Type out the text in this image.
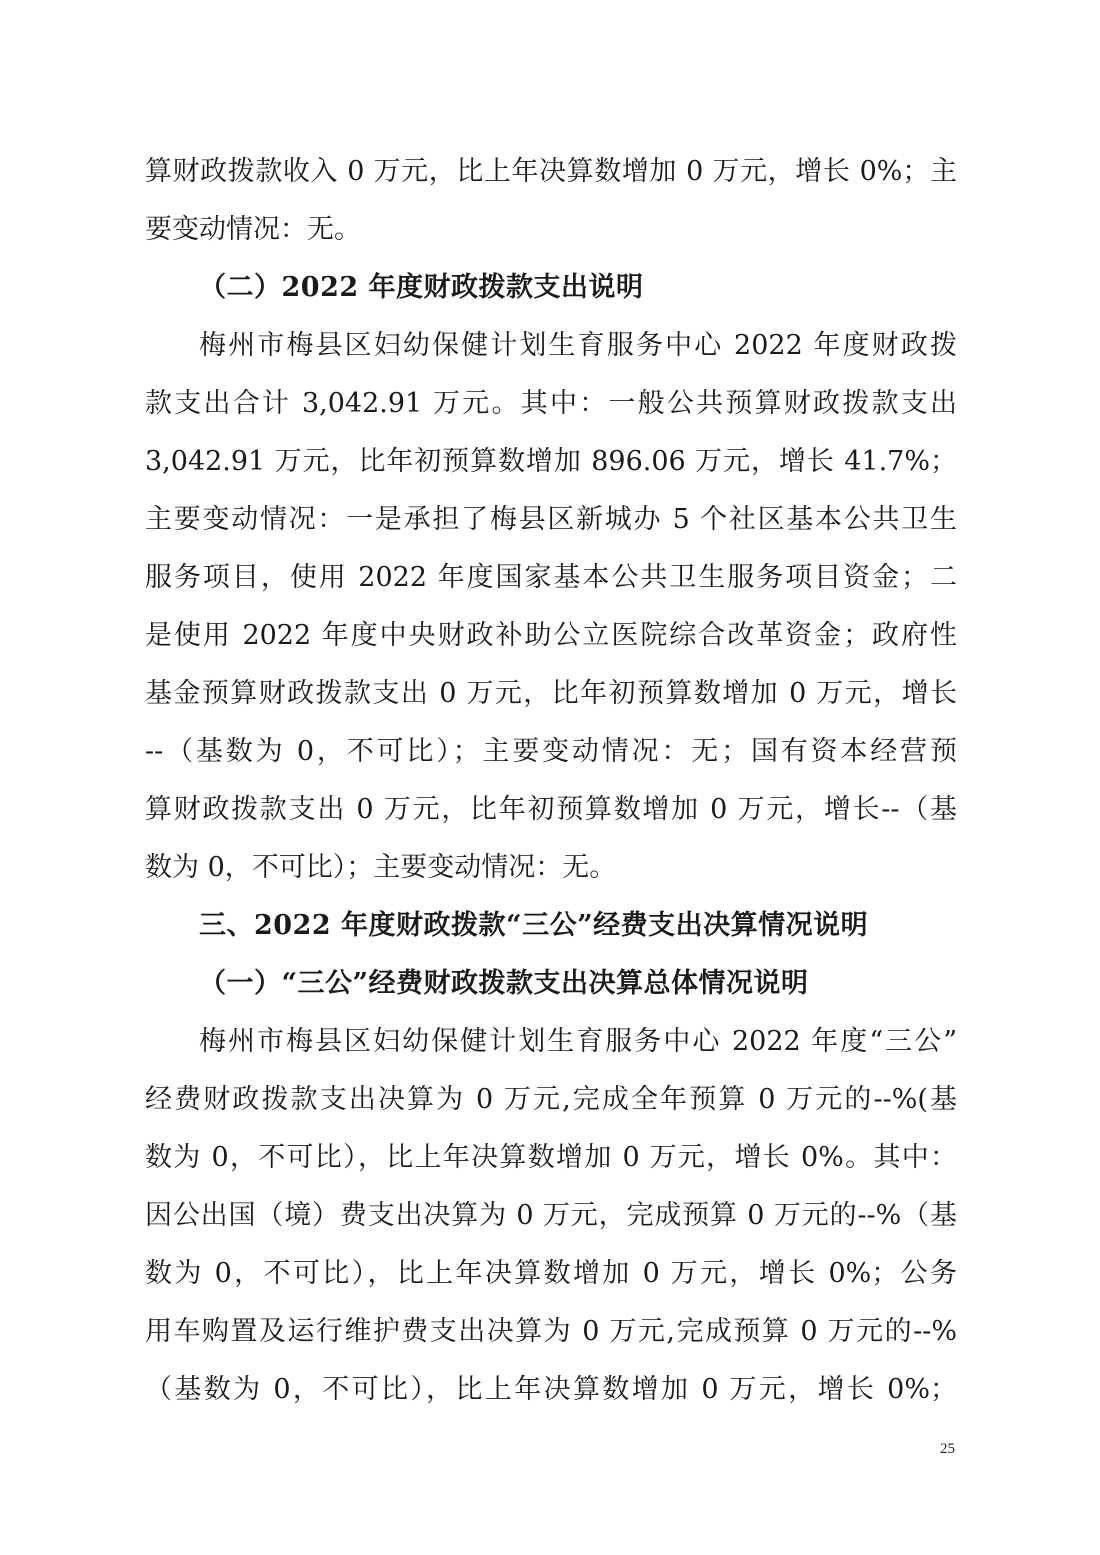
算财政拨款收入 0 万元，比上年决算数增加 0 万元，增长 0%；主
要变动情况：无。
（二）2022 年度财政拨款支出说明
梅州市梅县区妇幼保健计划生育服务中心 2022 年度财政拨
款支出合计 3,042.91 万元。其中：一般公共预算财政拨款支出
3,042.91 万元，比年初预算数增加 896.06 万元，增长 41.7%；
主要变动情况：一是承担了梅县区新城办 5 个社区基本公共卫生
服务项目，使用 2022 年度国家基本公共卫生服务项目资金；二
是使用 2022 年度中央财政补助公立医院综合改革资金；政府性
基金预算财政拨款支出 0 万元，比年初预算数增加 0 万元，增长
--（基数为 0，不可比）；主要变动情况：无；国有资本经营预
算财政拨款支出 0 万元，比年初预算数增加 0 万元，增长--（基
数为 0，不可比）；主要变动情况：无。
三、2022 年度财政拨款“三公”经费支出决算情况说明
（一）“三公”经费财政拨款支出决算总体情况说明
梅州市梅县区妇幼保健计划生育服务中心 2022 年度“三公”
经费财政拨款支出决算为 0 万元,完成全年预算 0 万元的--%(基
数为 0，不可比），比上年决算数增加 0 万元，增长 0%。其中：
因公出国（境）费支出决算为 0 万元，完成预算 0 万元的--%（基
数为 0，不可比），比上年决算数增加 0 万元，增长 0%；公务
用车购置及运行维护费支出决算为 0 万元,完成预算 0 万元的--%
（基数为 0，不可比），比上年决算数增加 0 万元，增长 0%；
25
